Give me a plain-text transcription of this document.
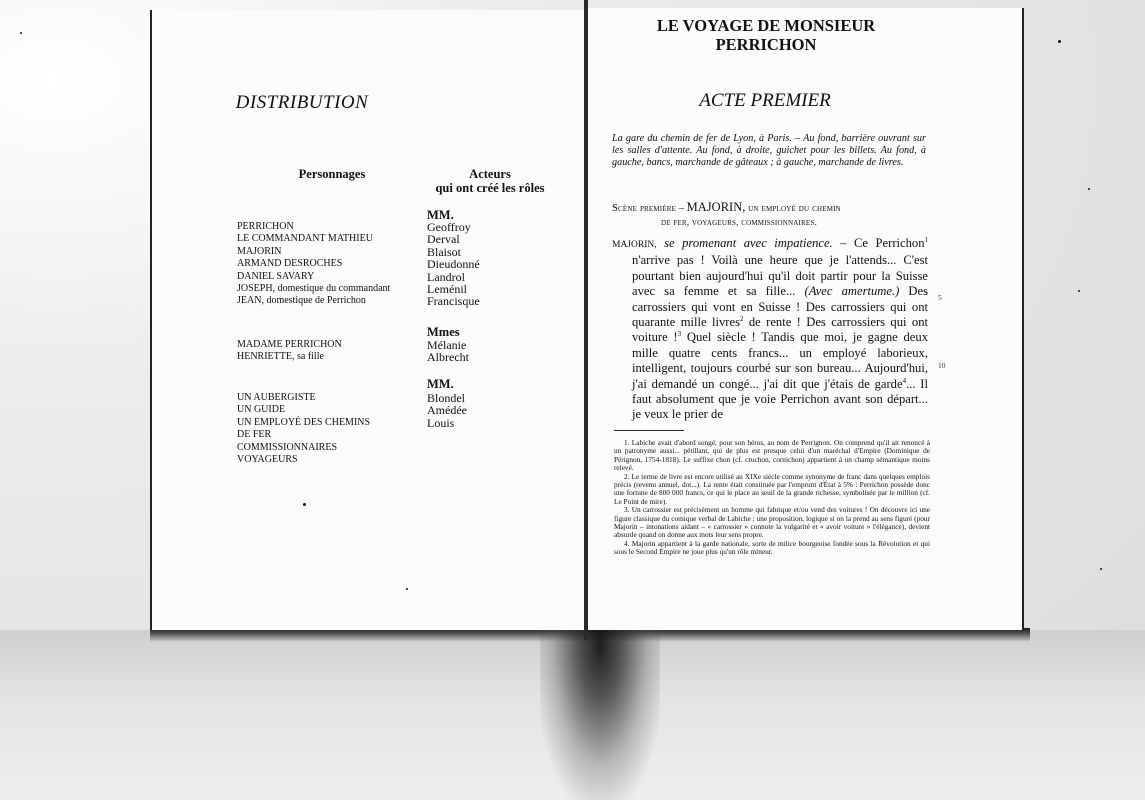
DISTRIBUTION
Personnages	Acteurs
qui ont créé les rôles
MM.
PERRICHON
LE COMMANDANT MATHIEU
MAJORIN
ARMAND DESROCHES
DANIEL SAVARY
JOSEPH, domestique du commandant
JEAN, domestique de Perrichon
Geoffroy
Derval
Blaisot
Dieudonné
Landrol
Leménil
Francisque
Mmes
MADAME PERRICHON
HENRIETTE, sa fille
Mélanie
Albrecht
MM.
UN AUBERGISTE
UN GUIDE
UN EMPLOYÉ DES CHEMINS
DE FER
COMMISSIONNAIRES
VOYAGEURS
Blondel
Amédée
Louis
LE VOYAGE DE MONSIEUR
PERRICHON
ACTE PREMIER
La gare du chemin de fer de Lyon, à Paris. – Au fond, barrière ouvrant sur les salles d'attente. Au fond, à droite, guichet pour les billets. Au fond, à gauche, bancs, marchande de gâteaux ; à gauche, marchande de livres.
Scène première – MAJORIN, un employé du chemin
de fer, voyageurs, commissionnaires.
MAJORIN, se promenant avec impatience. – Ce Perrichon$^1$ n'arrive pas ! Voilà une heure que je l'attends... C'est pourtant bien aujourd'hui qu'il doit partir pour la Suisse avec sa femme et sa fille... (Avec amertume.) Des carrossiers qui vont en Suisse ! Des carrossiers qui ont quarante mille livres$^2$ de rente ! Des carrossiers qui ont voiture !$^3$ Quel siècle ! Tandis que moi, je gagne deux mille quatre cents francs... un employé laborieux, intelligent, toujours courbé sur son bureau... Aujourd'hui, j'ai demandé un congé... j'ai dit que j'étais de garde$^4$... Il faut absolument que je voie Perrichon avant son départ... je veux le prier de
5
10

1. Labiche avait d'abord songé, pour son héros, au nom de Perrignon. On comprend qu'il ait renoncé à un patronyme aussi... pétillant, qui de plus est presque celui d'un maréchal d'Empire (Dominique de Pérignon, 1754-1818). Le suffixe chon (cf. cruchon, cornichon) appartient à un champ sémantique moins relevé.

2. Le terme de livre est encore utilisé au XIXe siècle comme synonyme de franc dans quelques emplois précis (revenu annuel, dot...). La rente était constituée par l'emprunt d'État à 5% : Perrichon possède donc une fortune de 800 000 francs, ce qui le place au seuil de la grande richesse, symbolisée par le million (cf. Le Point de mire).

3. Un carrossier est précisément un homme qui fabrique et/ou vend des voitures ! On découvre ici une figure classique du comique verbal de Labiche : une proposition, logique si on la prend au sens figuré (pour Majorin – intonations aidant – « carrossier » connote la vulgarité et « avoir voiture » l'élégance), devient absurde quand on donne aux mots leur sens propre.

4. Majorin appartient à la garde nationale, sorte de milice bourgeoise fondée sous la Révolution et qui sous le Second Empire ne joue plus qu'un rôle mineur.
